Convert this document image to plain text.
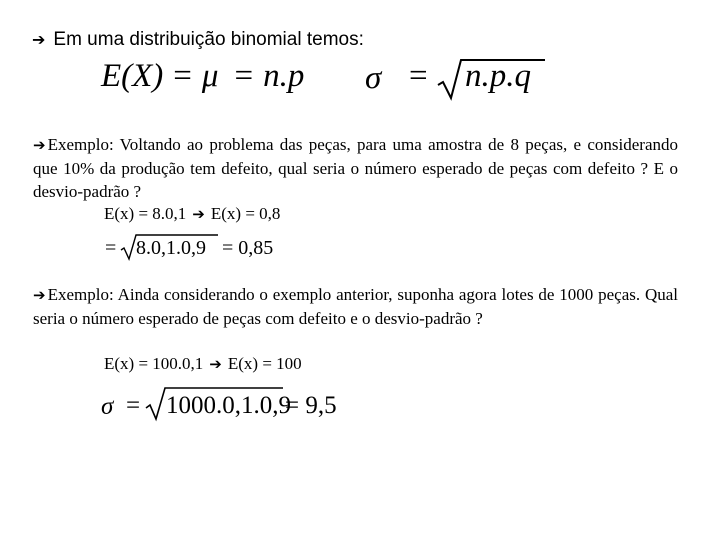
➔ Em uma distribuição binomial temos:
E(X) = μ = n.p σ = n.p.q
➔ Exemplo: Voltando ao problema das peças, para uma amostra de 8 peças, e considerando que 10% da produção tem defeito, qual seria o número esperado de peças com defeito ? E o desvio-padrão ?
E(x) = 8.0,1 ➔ E(x) = 0,8
= 8.0,1.0,9 = 0,85
➔ Exemplo: Ainda considerando o exemplo anterior, suponha agora lotes de 1000 peças. Qual seria o número esperado de peças com defeito e o desvio-padrão ?
E(x) = 100.0,1 ➔ E(x) = 100
σ = 1000.0,1.0,9
= 9,5
